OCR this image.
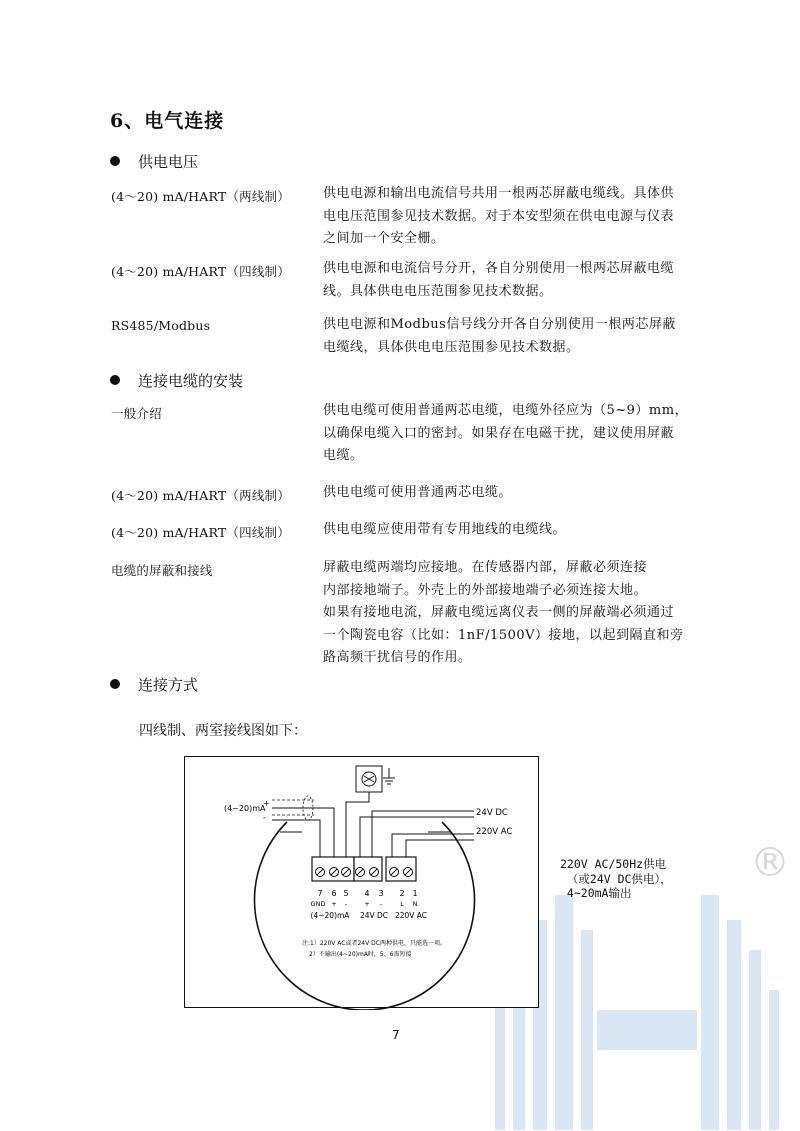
6、电气连接
供电电压
(4～20) mA/HART（两线制）	供电电源和输出电流信号共用一根两芯屏蔽电缆线。具体供
电电压范围参见技术数据。对于本安型须在供电电源与仪表
之间加一个安全栅。
(4～20) mA/HART（四线制）	供电电源和电流信号分开，各自分别使用一根两芯屏蔽电缆
线。具体供电电压范围参见技术数据。
RS485/Modbus	供电电源和Modbus信号线分开各自分别使用一根两芯屏蔽
电缆线，具体供电电压范围参见技术数据。
连接电缆的安装
一般介绍	供电电缆可使用普通两芯电缆，电缆外径应为（5~9）mm，
以确保电缆入口的密封。如果存在电磁干扰，建议使用屏蔽
电缆。
(4～20) mA/HART（两线制）	供电电缆可使用普通两芯电缆。
(4～20) mA/HART（四线制）	供电电缆应使用带有专用地线的电缆线。
电缆的屏蔽和接线	屏蔽电缆两端均应接地。在传感器内部，屏蔽必须连接
内部接地端子。外壳上的外部接地端子必须连接大地。
如果有接地电流，屏蔽电缆远离仪表一侧的屏蔽端必须通过
一个陶瓷电容（比如：1nF/1500V）接地，以起到隔直和旁
路高频干扰信号的作用。
连接方式
四线制、两室接线图如下：
®
(4~20)mA
+
-	24V DC
220V AC
7 6 5 4 3 2 1
GND + -	+ -	L N
(4~20)mA 24V DC 220V AC
注:1）220V AC或者24V DC两种供电，只能选一项。
2）不输出(4~20)mA时，5、6需短接
220V AC/50Hz供电
（或24V DC供电），
4~20mA输出
7
